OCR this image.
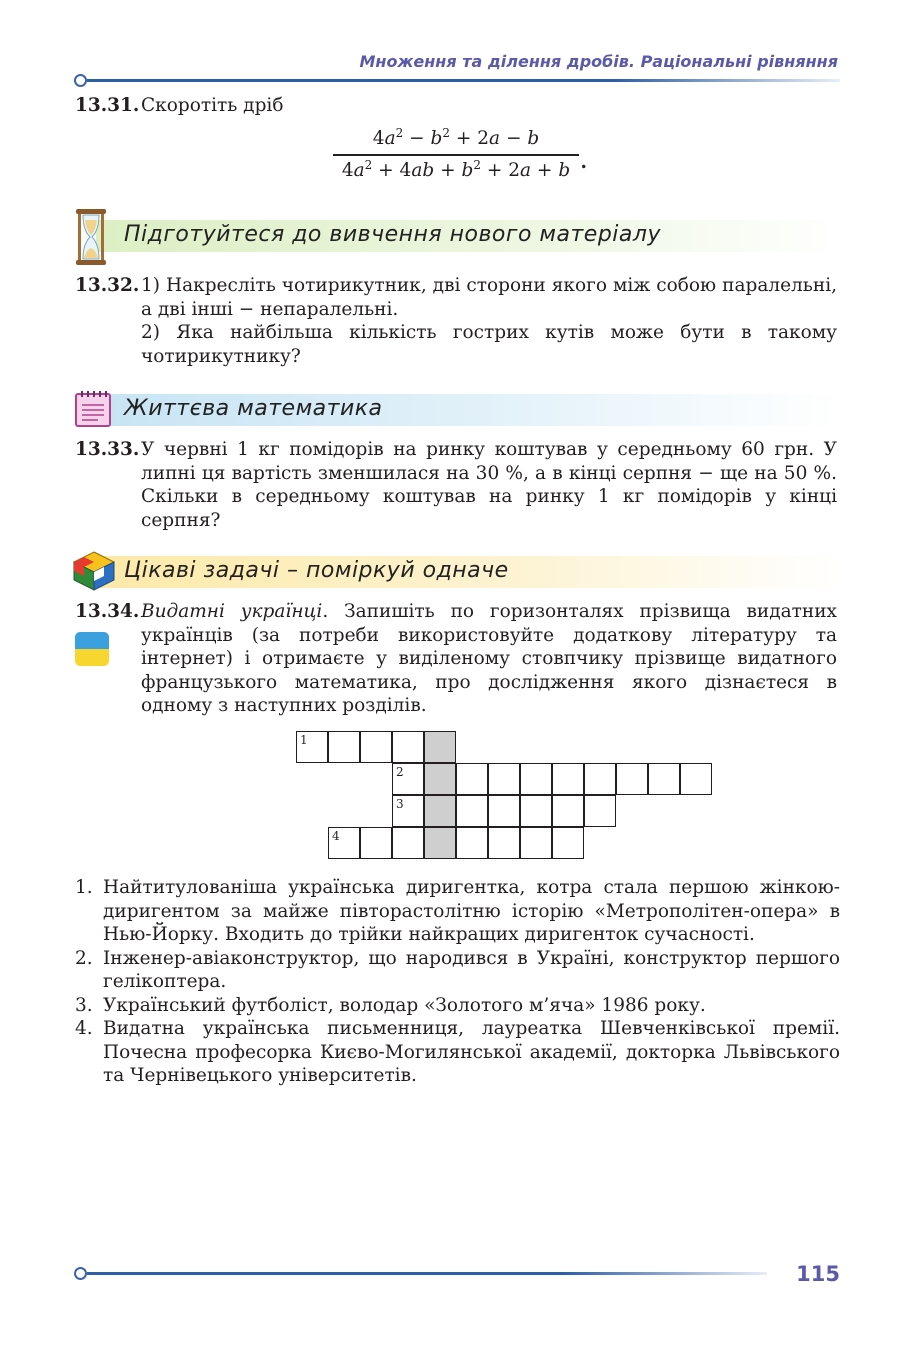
Множення та ділення дробів. Раціональні рівняння
13.31.Скоротіть дріб
$4a^2 - b^2 + 2a - b$
$4a^2 + 4ab + b^2 + 2a + b$ .
Підготуйтеся до вивчення нового матеріалу
13.32. 1) Накресліть чотирикутник, дві сторони якого між собою паралельні, а дві інші − непаралельні.
2) Яка найбільша кількість гострих кутів може бути в такому чотирикутнику?
Життєва математика
13.33.У червні 1 кг помідорів на ринку коштував у середньому 60 грн. У липні ця вартість зменшилася на 30 %, а в кінці серпня − ще на 50 %. Скільки в середньому коштував на ринку 1 кг помідорів у кінці серпня?
Цікаві задачі – поміркуй одначе
13.34.Видатні українці. Запишіть по горизонталях прізвища видатних українців (за потреби використовуйте додаткову літературу та інтернет) і отримаєте у виділеному стовпчику прізвище видатного французького математика, про дослідження якого дізнаєтеся в одному з наступних розділів.
1
2
3
4
1. Найтитулованіша українська диригентка, котра стала першою жінкою-диригентом за майже півторастолітню історію «Метрополітен-опера» в Нью-Йорку. Входить до трійки найкращих диригенток сучасності.
2. Інженер-авіаконструктор, що народився в Україні, конструктор першого гелікоптера.
3. Український футболіст, володар «Золотого м’яча» 1986 року.
4. Видатна українська письменниця, лауреатка Шевченківської премії. Почесна професорка Києво-Могилянської академії, докторка Львівського та Чернівецького університетів.
115
